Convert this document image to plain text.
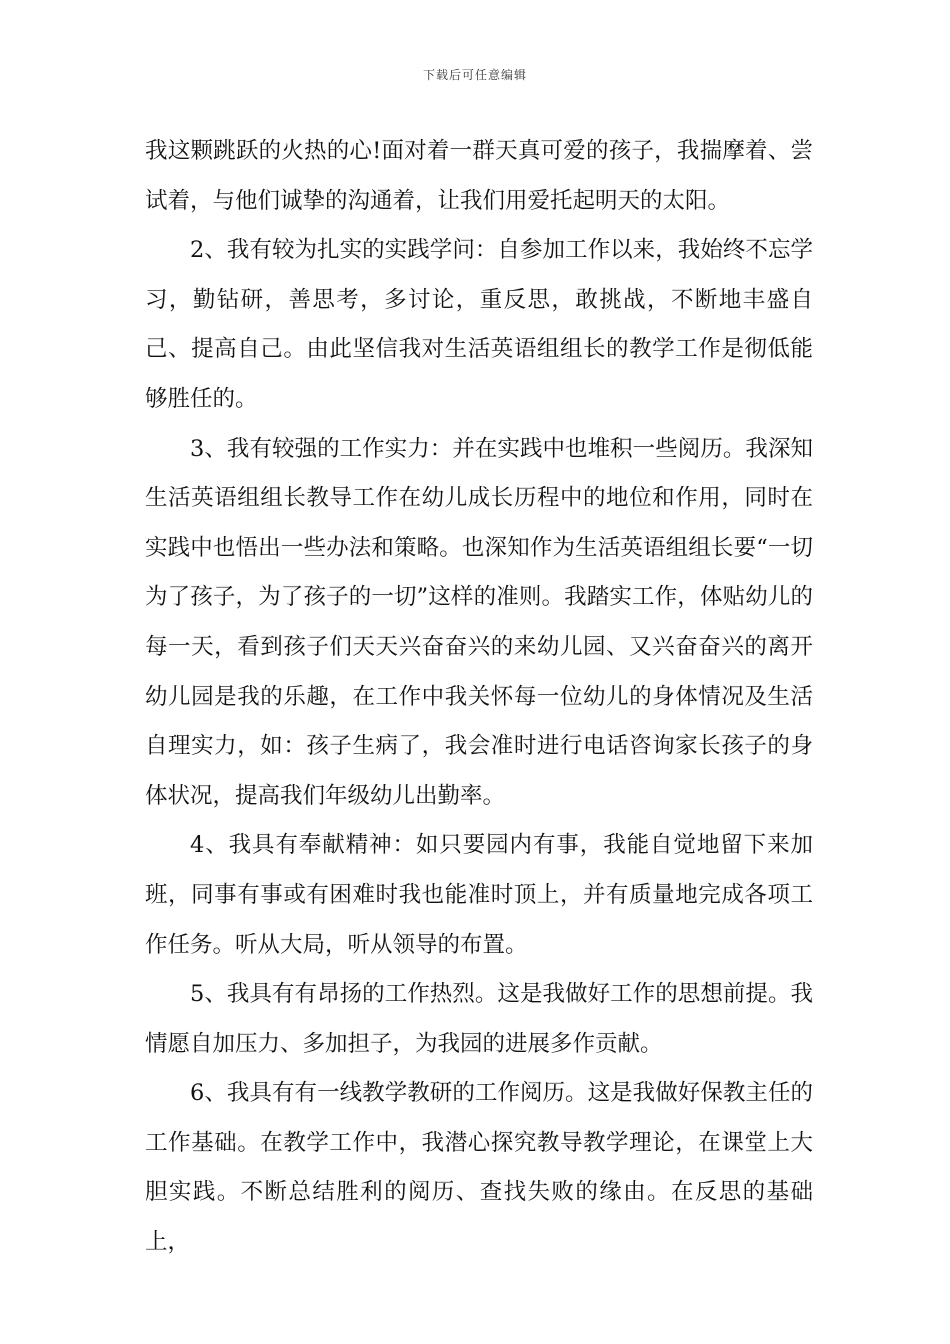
下载后可任意编辑

我这颗跳跃的火热的心!面对着一群天真可爱的孩子，我揣摩着、尝试着，与他们诚挚的沟通着，让我们用爱托起明天的太阳。

2、我有较为扎实的实践学问：自参加工作以来，我始终不忘学习，勤钻研，善思考，多讨论，重反思，敢挑战，不断地丰盛自己、提高自己。由此坚信我对生活英语组组长的教学工作是彻低能够胜任的。

3、我有较强的工作实力：并在实践中也堆积一些阅历。我深知生活英语组组长教导工作在幼儿成长历程中的地位和作用，同时在实践中也悟出一些办法和策略。也深知作为生活英语组组长要“一切为了孩子，为了孩子的一切”这样的准则。我踏实工作，体贴幼儿的每一天，看到孩子们天天兴奋奋兴的来幼儿园、又兴奋奋兴的离开幼儿园是我的乐趣，在工作中我关怀每一位幼儿的身体情况及生活自理实力，如：孩子生病了，我会准时进行电话咨询家长孩子的身体状况，提高我们年级幼儿出勤率。

4、我具有奉献精神：如只要园内有事，我能自觉地留下来加班，同事有事或有困难时我也能准时顶上，并有质量地完成各项工作任务。听从大局，听从领导的布置。

5、我具有有昂扬的工作热烈。这是我做好工作的思想前提。我情愿自加压力、多加担子，为我园的进展多作贡献。

6、我具有有一线教学教研的工作阅历。这是我做好保教主任的工作基础。在教学工作中，我潜心探究教导教学理论，在课堂上大胆实践。不断总结胜利的阅历、查找失败的缘由。在反思的基础上，
